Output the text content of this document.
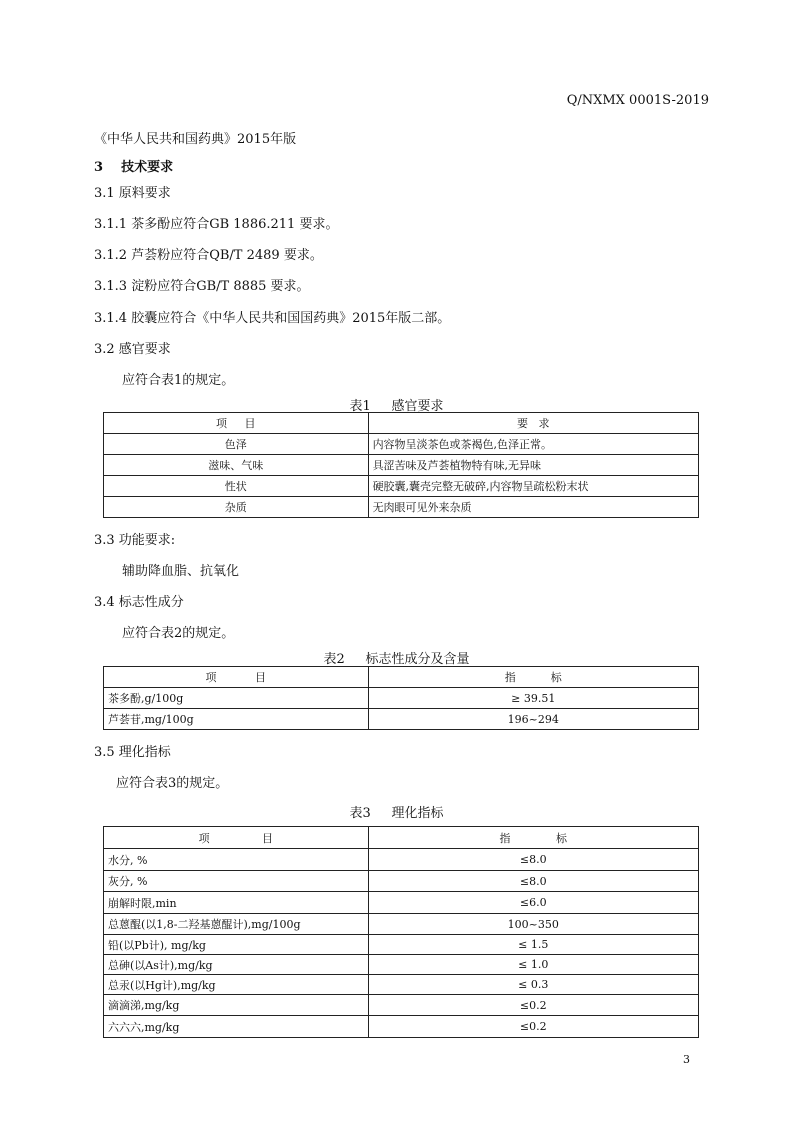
Q/NXMX 0001S-2019
《中华人民共和国药典》2015年版
3    技术要求
3.1 原料要求
3.1.1 茶多酚应符合GB 1886.211 要求。
3.1.2 芦荟粉应符合QB/T 2489 要求。
3.1.3 淀粉应符合GB/T 8885 要求。
3.1.4 胶囊应符合《中华人民共和国国药典》2015年版二部。
3.2 感官要求
应符合表1的规定。
表1     感官要求
项     目	要   求
色泽	内容物呈淡茶色或茶褐色,色泽正常。
滋味、气味	具涩苦味及芦荟植物特有味,无异味
性状	硬胶囊,囊壳完整无破碎,内容物呈疏松粉末状
杂质	无肉眼可见外来杂质
3.3 功能要求:
辅助降血脂、抗氧化
3.4 标志性成分
应符合表2的规定。
表2     标志性成分及含量
项           目	指          标
茶多酚,g/100g	≥ 39.51
芦荟苷,mg/100g	196~294
3.5 理化指标
应符合表3的规定。
表3     理化指标
项               目	指             标
水分, %	≤8.0
灰分, %	≤8.0
崩解时限,min	≤6.0
总蒽醌(以1,8-二羟基蒽醌计),mg/100g	100~350
铅(以Pb计), mg/kg	≤ 1.5
总砷(以As计),mg/kg	≤ 1.0
总汞(以Hg计),mg/kg	≤ 0.3
滴滴涕,mg/kg	≤0.2
六六六,mg/kg	≤0.2
3
